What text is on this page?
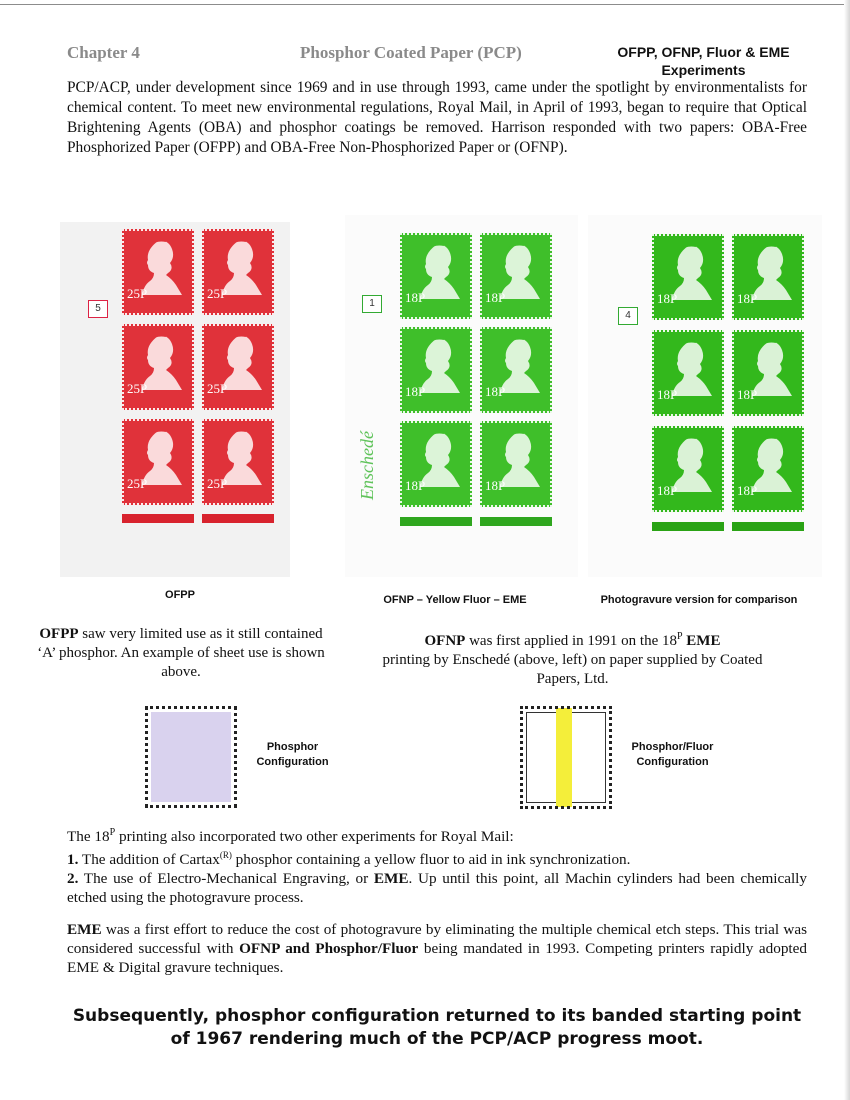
Chapter 4	Phosphor Coated Paper (PCP)	OFPP, OFNP, Fluor & EME
Experiments
PCP/ACP, under development since 1969 and in use through 1993, came under the spotlight by environmentalists for chemical content. To meet new environmental regulations, Royal Mail, in April of 1993, began to require that Optical Brightening Agents (OBA) and phosphor coatings be removed. Harrison responded with two papers: OBA-Free Phosphorized Paper (OFPP) and OBA-Free Non-Phosphorized Paper or (OFNP).
OFPP	OFNP – Yellow Fluor – EME	Photogravure version for comparison
OFPP saw very limited use as it still contained ‘A’ phosphor. An example of sheet use is shown above.
OFNP was first applied in 1991 on the $18^P$ EME
printing by Enschedé (above, left) on paper supplied by Coated Papers, Ltd.
Phosphor
Configuration
Phosphor/Fluor
Configuration
The $18^P$ printing also incorporated two other experiments for Royal Mail:
1. The addition of Cartax$^{(R)}$ phosphor containing a yellow fluor to aid in ink synchronization.
2. The use of Electro-Mechanical Engraving, or EME. Up until this point, all Machin cylinders had been chemically etched using the photogravure process.
EME was a first effort to reduce the cost of photogravure by eliminating the multiple chemical etch steps. This trial was considered successful with OFNP and Phosphor/Fluor being mandated in 1993. Competing printers rapidly adopted EME & Digital gravure techniques.
Subsequently, phosphor configuration returned to its banded starting point of 1967 rendering much of the PCP/ACP progress moot.
25P	25P
25P	25P
25P	25P
5
18P	18P
18P	18P
18P	18P
1
Enschedé
18P	18P
18P	18P
18P	18P
4
